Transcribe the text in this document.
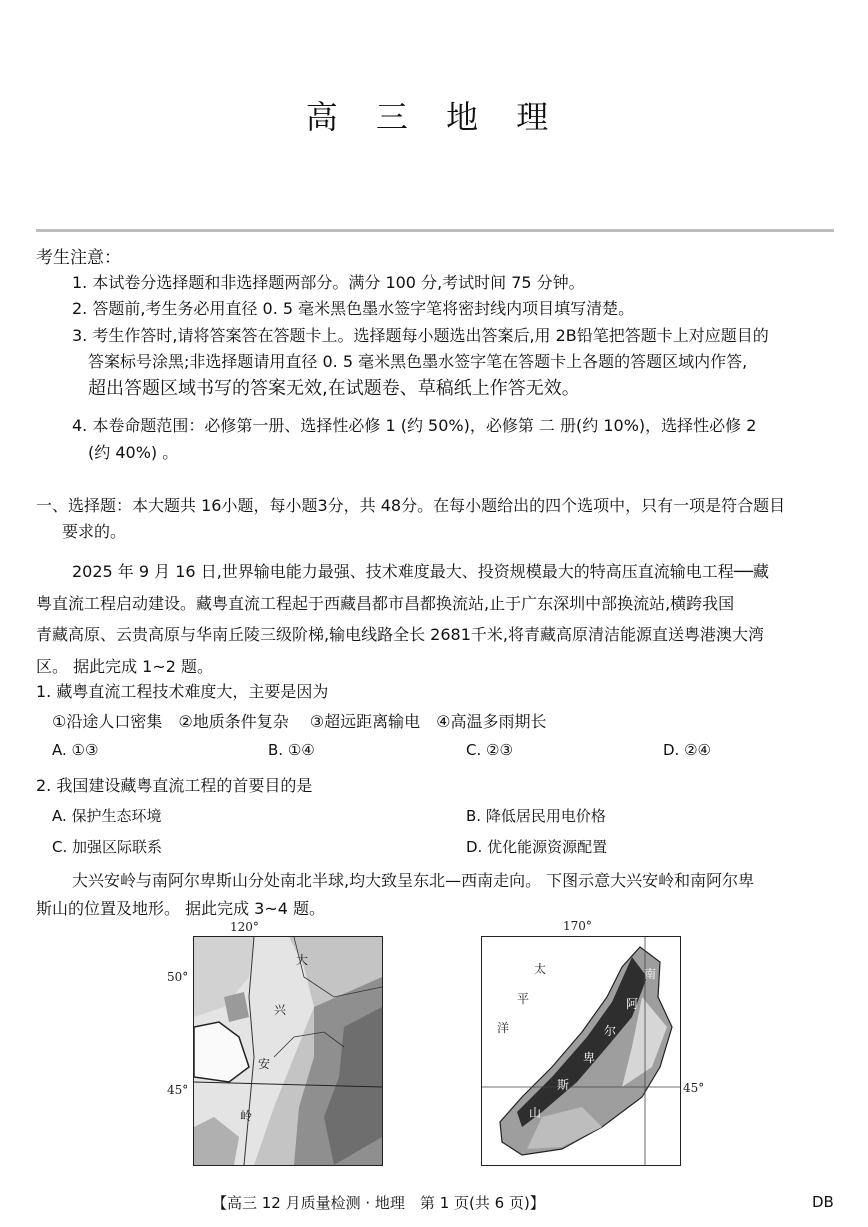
高 三 地 理
考生注意：
1. 本试卷分选择题和非选择题两部分。满分 100 分,考试时间 75 分钟。
2. 答题前,考生务必用直径 0. 5 毫米黑色墨水签字笔将密封线内项目填写清楚。
3. 考生作答时,请将答案答在答题卡上。选择题每小题选出答案后,用 2B铅笔把答题卡上对应题目的
答案标号涂黑;非选择题请用直径 0. 5 毫米黑色墨水签字笔在答题卡上各题的答题区域内作答,
超出答题区域书写的答案无效,在试题卷、草稿纸上作答无效。
4. 本卷命题范围：必修第一册、选择性必修 1 (约 50%)，必修第 二 册(约 10%)，选择性必修 2
(约 40%) 。
一、选择题：本大题共 16小题，每小题3分，共 48分。在每小题给出的四个选项中，只有一项是符合题目
要求的。
2025 年 9 月 16 日,世界输电能力最强、技术难度最大、投资规模最大的特高压直流输电工程──藏
粤直流工程启动建设。藏粤直流工程起于西藏昌都市昌都换流站,止于广东深圳中部换流站,横跨我国
青藏高原、云贵高原与华南丘陵三级阶梯,输电线路全长 2681千米,将青藏高原清洁能源直送粤港澳大湾
区。 据此完成 1~2 题。
1. 藏粤直流工程技术难度大，主要是因为
①沿途人口密集　②地质条件复杂　 ③超远距离输电　④高温多雨期长
A. ①③	B. ①④	C. ②③	D. ②④
2. 我国建设藏粤直流工程的首要目的是
A. 保护生态环境	B. 降低居民用电价格
C. 加强区际联系	D. 优化能源资源配置
大兴安岭与南阿尔卑斯山分处南北半球,均大致呈东北—西南走向。 下图示意大兴安岭和南阿尔卑
斯山的位置及地形。 据此完成 3~4 题。
120°
50°
45°
大
兴
安
岭
170°
45°
太
平
洋
南
阿
尔
卑
斯
山
【高三 12 月质量检测 · 地理　第 1 页(共 6 页)】	DB
